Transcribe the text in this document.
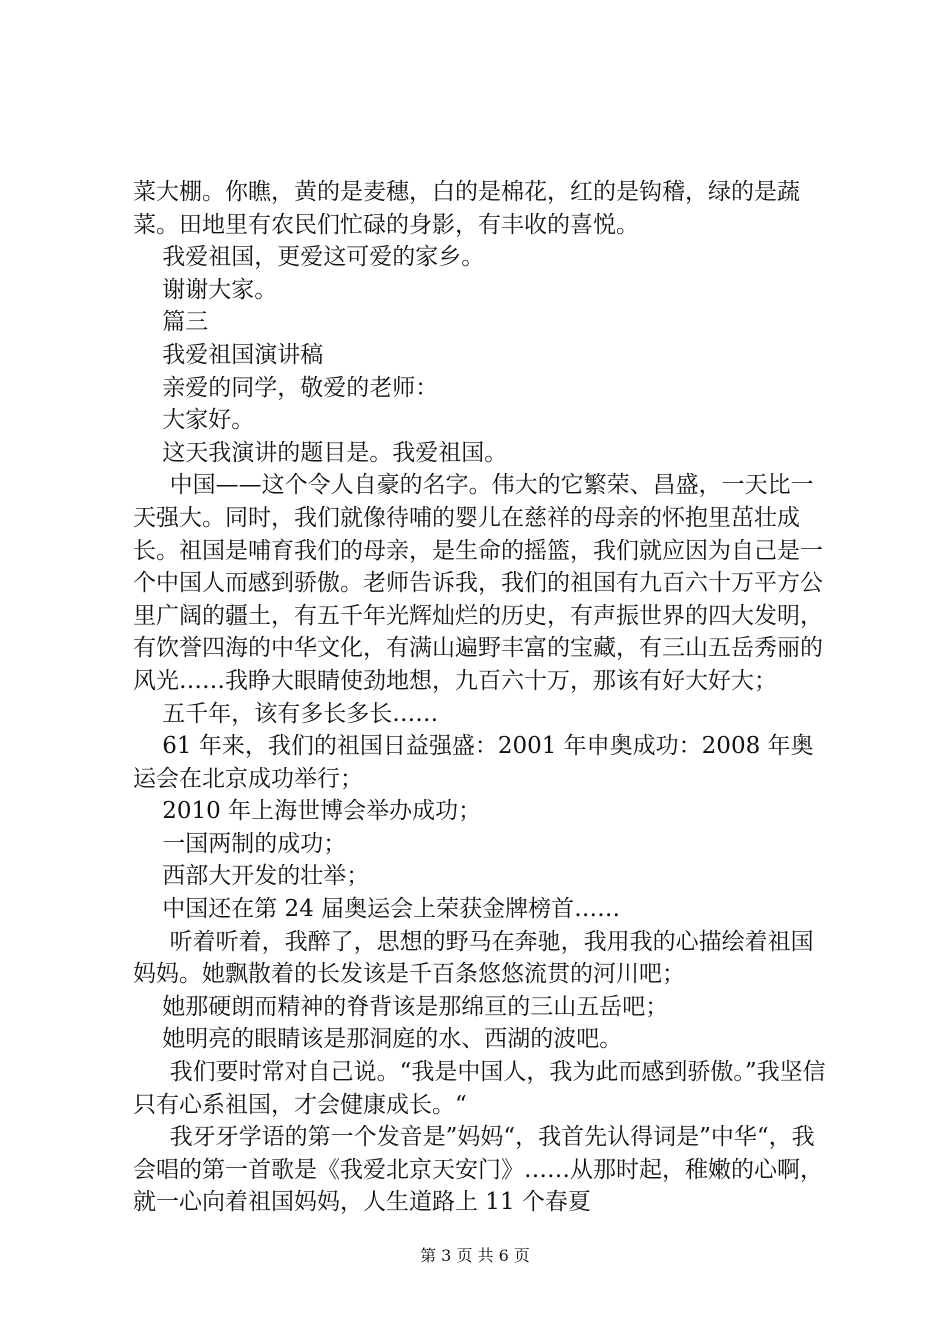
菜大棚。你瞧，黄的是麦穗，白的是棉花，红的是钩稽，绿的是蔬菜。田地里有农民们忙碌的身影，有丰收的喜悦。

我爱祖国，更爱这可爱的家乡。

谢谢大家。

篇三

我爱祖国演讲稿

亲爱的同学，敬爱的老师：

大家好。

这天我演讲的题目是。我爱祖国。

中国——这个令人自豪的名字。伟大的它繁荣、昌盛，一天比一天强大。同时，我们就像待哺的婴儿在慈祥的母亲的怀抱里茁壮成长。祖国是哺育我们的母亲，是生命的摇篮，我们就应因为自己是一个中国人而感到骄傲。老师告诉我，我们的祖国有九百六十万平方公里广阔的疆土，有五千年光辉灿烂的历史，有声振世界的四大发明，有饮誉四海的中华文化，有满山遍野丰富的宝藏，有三山五岳秀丽的风光……我睁大眼睛使劲地想，九百六十万，那该有好大好大；

五千年，该有多长多长……

61 年来，我们的祖国日益强盛：2001 年申奥成功：2008 年奥运会在北京成功举行；

2010 年上海世博会举办成功；

一国两制的成功；

西部大开发的壮举；

中国还在第 24 届奥运会上荣获金牌榜首……

听着听着，我醉了，思想的野马在奔驰，我用我的心描绘着祖国妈妈。她飘散着的长发该是千百条悠悠流贯的河川吧；

她那硬朗而精神的脊背该是那绵亘的三山五岳吧；

她明亮的眼睛该是那洞庭的水、西湖的波吧。

我们要时常对自己说。“我是中国人，我为此而感到骄傲。”我坚信只有心系祖国，才会健康成长。“

我牙牙学语的第一个发音是”妈妈“，我首先认得词是”中华“，我会唱的第一首歌是《我爱北京天安门》……从那时起，稚嫩的心啊，就一心向着祖国妈妈，人生道路上 11 个春夏

第 3 页 共 6 页
